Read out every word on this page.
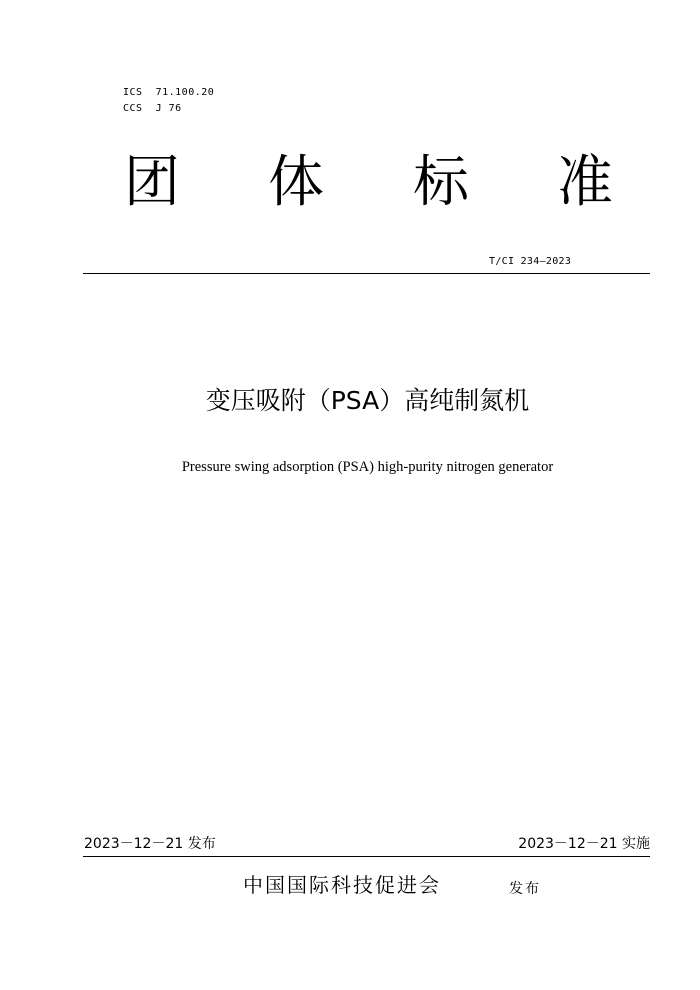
ICS  71.100.20
CCS  J 76
团 体 标 准
T/CI 234—2023
变压吸附（PSA）高纯制氮机
Pressure swing adsorption (PSA) high-purity nitrogen generator
2023－12－21 发布	2023－12－21 实施
中国国际科技促进会	发布
